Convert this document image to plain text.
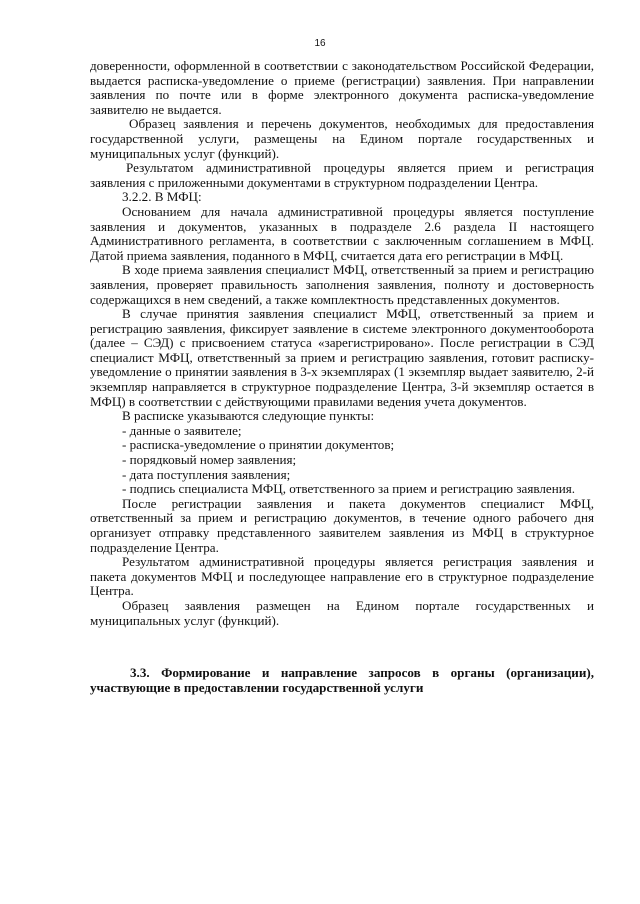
16

доверенности, оформленной в соответствии с законодательством Российской Федерации, выдается расписка-уведомление о приеме (регистрации) заявления. При направлении заявления по почте или в форме электронного документа расписка-уведомление заявителю не выдается.

Образец заявления и перечень документов, необходимых для предоставления государственной услуги, размещены на Едином портале государственных и муниципальных услуг (функций).

Результатом административной процедуры является прием и регистрация заявления с приложенными документами в структурном подразделении Центра.

3.2.2. В МФЦ:

Основанием для начала административной процедуры является поступление заявления и документов, указанных в подразделе 2.6 раздела II настоящего Административного регламента, в соответствии с заключенным соглашением в МФЦ. Датой приема заявления, поданного в МФЦ, считается дата его регистрации в МФЦ.

В ходе приема заявления специалист МФЦ, ответственный за прием и регистрацию заявления, проверяет правильность заполнения заявления, полноту и достоверность содержащихся в нем сведений, а также комплектность представленных документов.

В случае принятия заявления специалист МФЦ, ответственный за прием и регистрацию заявления, фиксирует заявление в системе электронного документооборота (далее – СЭД) с присвоением статуса «зарегистрировано». После регистрации в СЭД специалист МФЦ, ответственный за прием и регистрацию заявления, готовит расписку-уведомление о принятии заявления в 3-х экземплярах (1 экземпляр выдает заявителю, 2-й экземпляр направляется в структурное подразделение Центра, 3-й экземпляр остается в МФЦ) в соответствии с действующими правилами ведения учета документов.

В расписке указываются следующие пункты:

- данные о заявителе;

- расписка-уведомление о принятии документов;

- порядковый номер заявления;

- дата поступления заявления;

- подпись специалиста МФЦ, ответственного за прием и регистрацию заявления.

После регистрации заявления и пакета документов специалист МФЦ, ответственный за прием и регистрацию документов, в течение одного рабочего дня организует отправку представленного заявителем заявления из МФЦ в структурное подразделение Центра.

Результатом административной процедуры является регистрация заявления и пакета документов МФЦ и последующее направление его в структурное подразделение Центра.

Образец заявления размещен на Едином портале государственных и муниципальных услуг (функций).

3.3. Формирование и направление запросов в органы (организации), участвующие в предоставлении государственной услуги
